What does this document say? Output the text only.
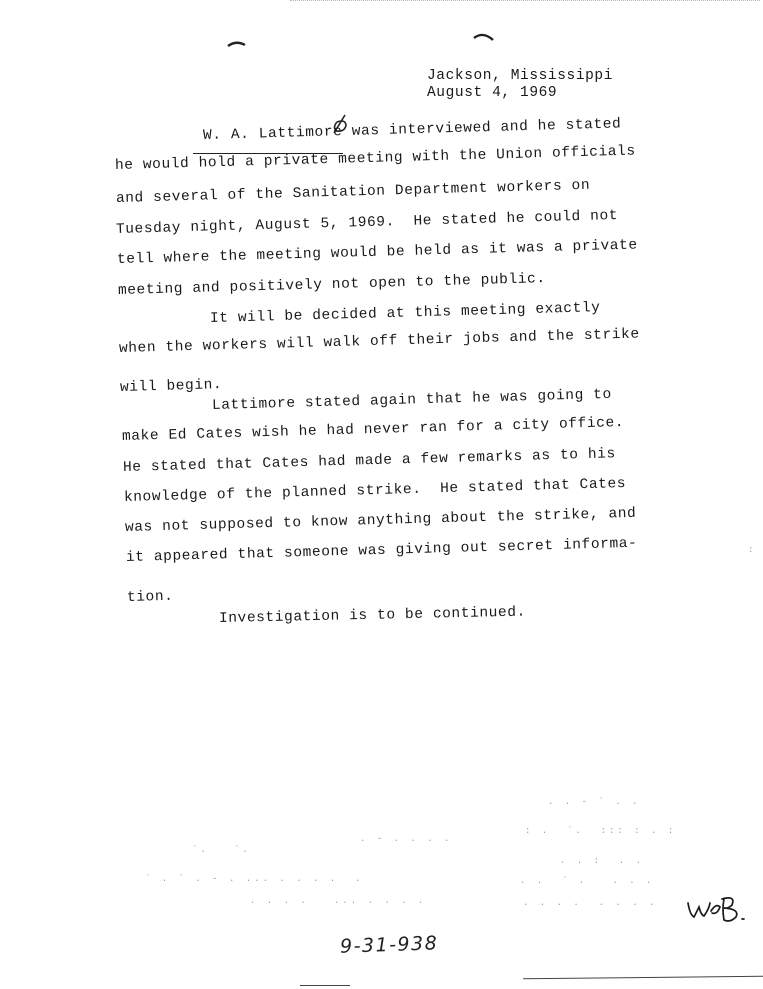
Jackson, Mississippi
August 4, 1969
W. A. Lattimore was interviewed and he stated
he would hold a private meeting with the Union officials
and several of the Sanitation Department workers on
Tuesday night, August 5, 1969.  He stated he could not
tell where the meeting would be held as it was a private
meeting and positively not open to the public.
It will be decided at this meeting exactly
when the workers will walk off their jobs and the strike
will begin.
Lattimore stated again that he was going to
make Ed Cates wish he had never ran for a city office.
He stated that Cates had made a few remarks as to his
knowledge of the planned strike.  He stated that Cates
was not supposed to know anything about the strike, and
it appeared that someone was giving out secret informa-
tion.
Investigation is to be continued.
:
. . - ` . .
: .  `.  ::: : . :
. - . . . .
`.   `.
. . :  . .
` . ` . - . ... . . . .  .	. .  ` .   . . .
. . . .   ... . . . .	. . . .  . . . .
wB.
9-31-938
